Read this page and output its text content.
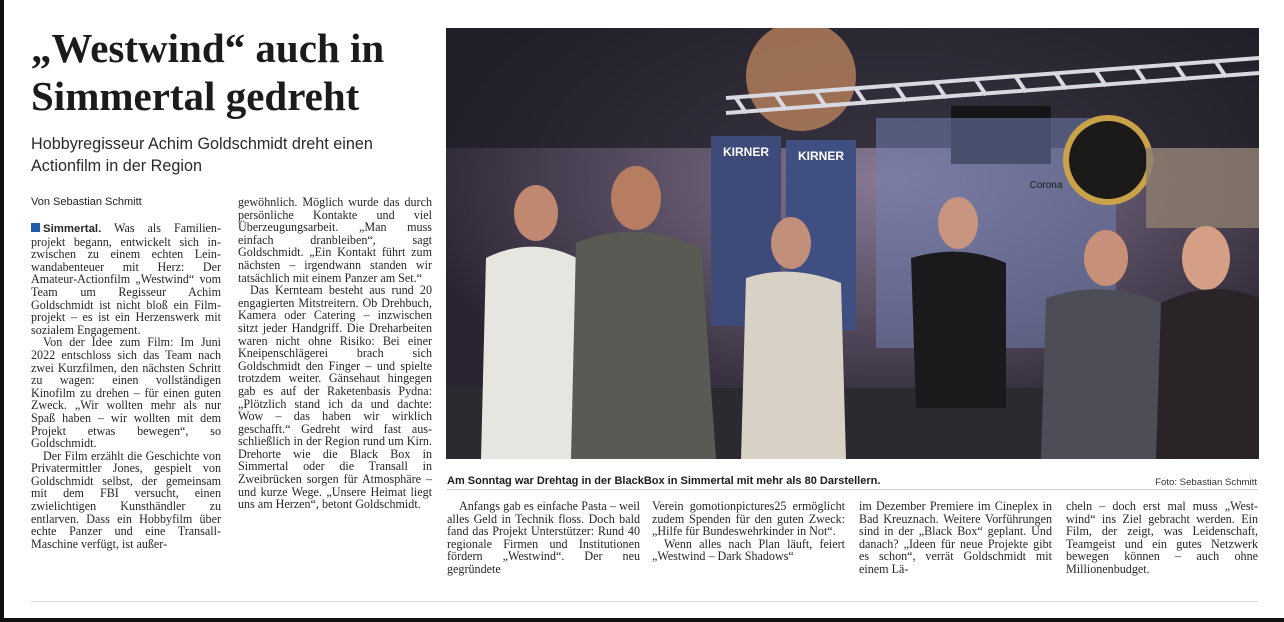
„Westwind“ auch in
Simmertal gedreht

Hobbyregisseur Achim Goldschmidt dreht einen Actionfilm in der Region

Von Sebastian Schmitt

Simmertal. Was als Familienprojekt begann, entwickelt sich inzwischen zu einem echten Leinwandabenteuer mit Herz: Der Amateur-Actionfilm „Westwind“ vom Team um Regisseur Achim Goldschmidt ist nicht bloß ein Filmprojekt – es ist ein Herzenswerk mit sozialem Engagement.

Von der Idee zum Film: Im Juni 2022 entschloss sich das Team nach zwei Kurzfilmen, den nächsten Schritt zu wagen: einen vollständigen Kinofilm zu drehen – für einen guten Zweck. „Wir wollten mehr als nur Spaß haben – wir wollten mit dem Projekt etwas bewegen“, so Goldschmidt.

Der Film erzählt die Geschichte von Privatermittler Jones, gespielt von Goldschmidt selbst, der gemeinsam mit dem FBI versucht, einen zwielichtigen Kunsthändler zu entlarven. Dass ein Hobbyfilm über echte Panzer und eine Transall-Maschine verfügt, ist außer-

gewöhnlich. Möglich wurde das durch persönliche Kontakte und viel Überzeugungsarbeit. „Man muss einfach dranbleiben“, sagt Goldschmidt. „Ein Kontakt führt zum nächsten – irgendwann standen wir tatsächlich mit einem Panzer am Set.“

Das Kernteam besteht aus rund 20 engagierten Mitstreitern. Ob Drehbuch, Kamera oder Catering – inzwischen sitzt jeder Handgriff. Die Dreharbeiten waren nicht ohne Risiko: Bei einer Kneipenschlägerei brach sich Goldschmidt den Finger – und spielte trotzdem weiter. Gänsehaut hingegen gab es auf der Raketenbasis Pydna: „Plötzlich stand ich da und dachte: Wow – das haben wir wirklich geschafft.“ Gedreht wird fast ausschließlich in der Region rund um Kirn. Drehorte wie die Black Box in Simmertal oder die Transall in Zweibrücken sorgen für Atmosphäre – und kurze Wege. „Unsere Heimat liegt uns am Herzen“, betont Goldschmidt.

KIRNER KIRNER
Corona

Am Sonntag war Drehtag in der BlackBox in Simmertal mit mehr als 80 Darstellern.	Foto: Sebastian Schmitt

Anfangs gab es einfache Pasta – weil alles Geld in Technik floss. Doch bald fand das Projekt Unterstützer: Rund 40 regionale Firmen und Institutionen fördern „Westwind“. Der neu gegründete

Verein gomotionpictures25 ermöglicht zudem Spenden für den guten Zweck: „Hilfe für Bundeswehrkinder in Not“.

Wenn alles nach Plan läuft, feiert „Westwind – Dark Shadows“

im Dezember Premiere im Cineplex in Bad Kreuznach. Weitere Vorführungen sind in der „Black Box“ geplant. Und danach? „Ideen für neue Projekte gibt es schon“, verrät Goldschmidt mit einem Lä-

cheln – doch erst mal muss „Westwind“ ins Ziel gebracht werden. Ein Film, der zeigt, was Leidenschaft, Teamgeist und ein gutes Netzwerk bewegen können – auch ohne Millionenbudget.
